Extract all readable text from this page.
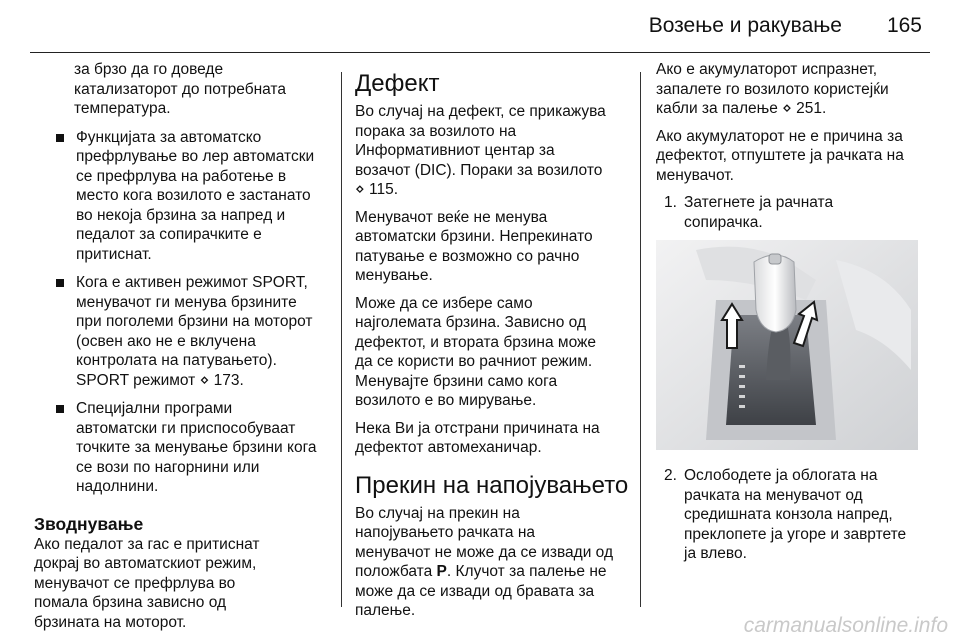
Возење и ракување 165
за брзо да го доведе
катализаторот до потребната
температура.
Функцијата за автоматско
префрлување во лер автоматски
се префрлува на работење в
место кога возилото е застанато
во некоја брзина за напред и
педалот за сопирачките е
притиснат.
Кога е активен режимот SPORT,
менувачот ги менува брзините
при поголеми брзини на моторот
(освен ако не е вклучена
контролата на патувањето).
SPORT режимот ⋄ 173.
Специјални програми
автоматски ги приспособуваат
точките за менување брзини кога
се вози по нагорнини или
надолнини.
Зводнување
Ако педалот за гас е притиснат
докрај во автоматскиот режим,
менувачот се префрлува во
помала брзина зависно од
брзината на моторот.
Дефект
Во случај на дефект, се прикажува
порака за возилото на
Информативниот центар за
возачот (DIC). Пораки за возилото
⋄ 115.
Менувачот веќе не менува
автоматски брзини. Непрекинато
патување е возможно со рачно
менување.
Може да се избере само
најголемата брзина. Зависно од
дефектот, и втората брзина може
да се користи во рачниот режим.
Менувајте брзини само кога
возилото е во мирување.
Нека Ви ја отстрани причината на
дефектот автомеханичар.
Прекин на напојувањето
Во случај на прекин на
напојувањето рачката на
менувачот не може да се извади од
положбата P. Клучот за палење не
може да се извади од бравата за
палење.
Ако е акумулаторот испразнет,
запалете го возилото користејќи
кабли за палење ⋄ 251.
Ако акумулаторот не е причина за
дефектот, отпуштете ја рачката на
менувачот.
1. Затегнете ја рачната
сопирачка.
2. Ослободете ја облогата на
рачката на менувачот од
средишната конзола напред,
преклопете ја угоре и завртете
ја влево.
carmanualsonline.info
